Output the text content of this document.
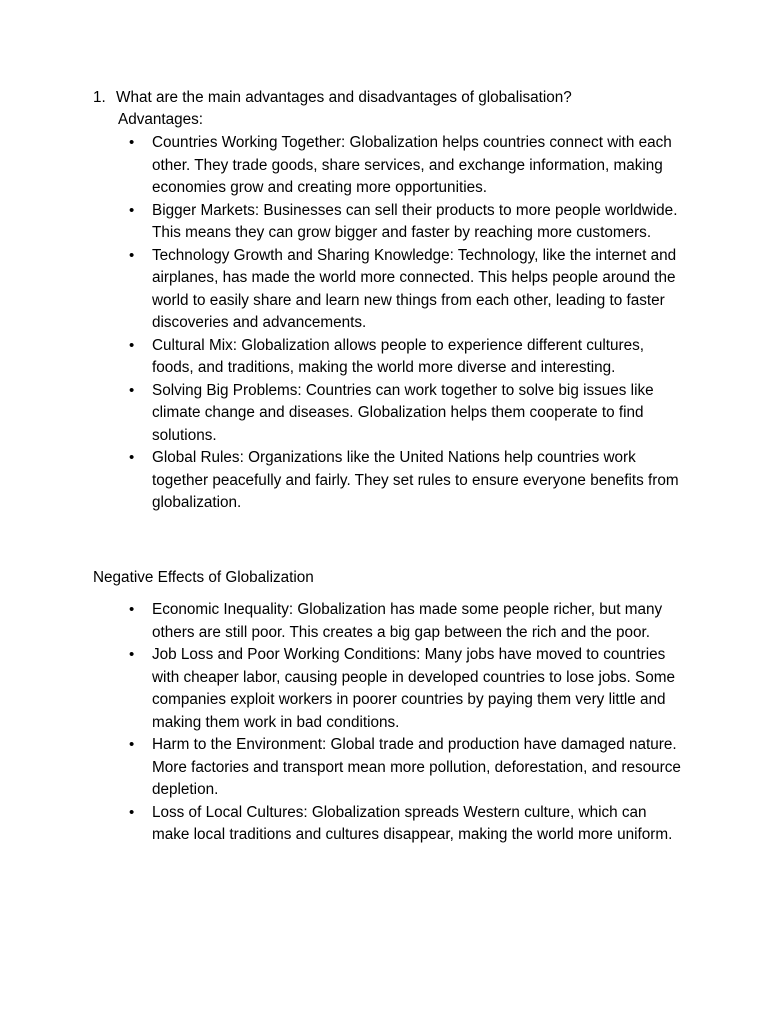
1. What are the main advantages and disadvantages of globalisation?
Advantages:
• Countries Working Together: Globalization helps countries connect with each other. They trade goods, share services, and exchange information, making economies grow and creating more opportunities.
• Bigger Markets: Businesses can sell their products to more people worldwide. This means they can grow bigger and faster by reaching more customers.
• Technology Growth and Sharing Knowledge: Technology, like the internet and airplanes, has made the world more connected. This helps people around the world to easily share and learn new things from each other, leading to faster discoveries and advancements.
• Cultural Mix: Globalization allows people to experience different cultures, foods, and traditions, making the world more diverse and interesting.
• Solving Big Problems: Countries can work together to solve big issues like climate change and diseases. Globalization helps them cooperate to find solutions.
• Global Rules: Organizations like the United Nations help countries work together peacefully and fairly. They set rules to ensure everyone benefits from globalization.
Negative Effects of Globalization
• Economic Inequality: Globalization has made some people richer, but many others are still poor. This creates a big gap between the rich and the poor.
• Job Loss and Poor Working Conditions: Many jobs have moved to countries with cheaper labor, causing people in developed countries to lose jobs. Some companies exploit workers in poorer countries by paying them very little and making them work in bad conditions.
• Harm to the Environment: Global trade and production have damaged nature. More factories and transport mean more pollution, deforestation, and resource depletion.
• Loss of Local Cultures: Globalization spreads Western culture, which can make local traditions and cultures disappear, making the world more uniform.
